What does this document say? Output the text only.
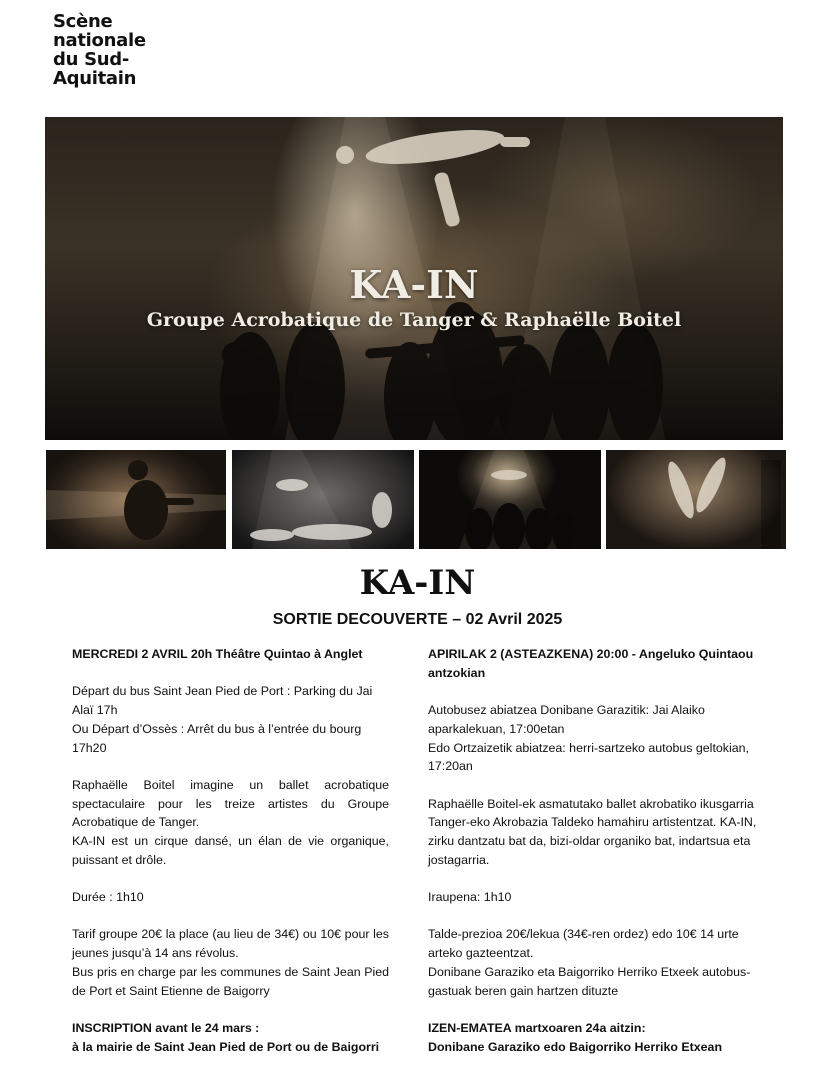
Scène
nationale
du Sud-
Aquitain
KA-IN
Groupe Acrobatique de Tanger & Raphaëlle Boitel
KA-IN
SORTIE DECOUVERTE – 02 Avril 2025

MERCREDI 2 AVRIL 20h Théâtre Quintao à Anglet

Départ du bus Saint Jean Pied de Port : Parking du Jai Alaï 17h
Ou Départ d’Ossès : Arrêt du bus à l’entrée du bourg 17h20

Raphaëlle Boitel imagine un ballet acrobatique spectaculaire pour les treize artistes du Groupe Acrobatique de Tanger.
KA-IN est un cirque dansé, un élan de vie organique, puissant et drôle.

Durée : 1h10

Tarif groupe 20€ la place (au lieu de 34€) ou 10€ pour les jeunes jusqu’à 14 ans révolus.
Bus pris en charge par les communes de Saint Jean Pied de Port et Saint Etienne de Baigorry

INSCRIPTION avant le 24 mars :
à la mairie de Saint Jean Pied de Port ou de Baigorri

APIRILAK 2 (ASTEAZKENA) 20:00 - Angeluko Quintaou antzokian

Autobusez abiatzea Donibane Garazitik: Jai Alaiko aparkalekuan, 17:00etan
Edo Ortzaizetik abiatzea: herri-sartzeko autobus geltokian, 17:20an

Raphaëlle Boitel-ek asmatutako ballet akrobatiko ikusgarria Tanger-eko Akrobazia Taldeko hamahiru artistentzat. KA-IN, zirku dantzatu bat da, bizi-oldar organiko bat, indartsua eta jostagarria.

Iraupena: 1h10

Talde-prezioa 20€/lekua (34€-ren ordez) edo 10€ 14 urte arteko gazteentzat.
Donibane Garaziko eta Baigorriko Herriko Etxeek autobus-gastuak beren gain hartzen dituzte

IZEN-EMATEA martxoaren 24a aitzin:
Donibane Garaziko edo Baigorriko Herriko Etxean
